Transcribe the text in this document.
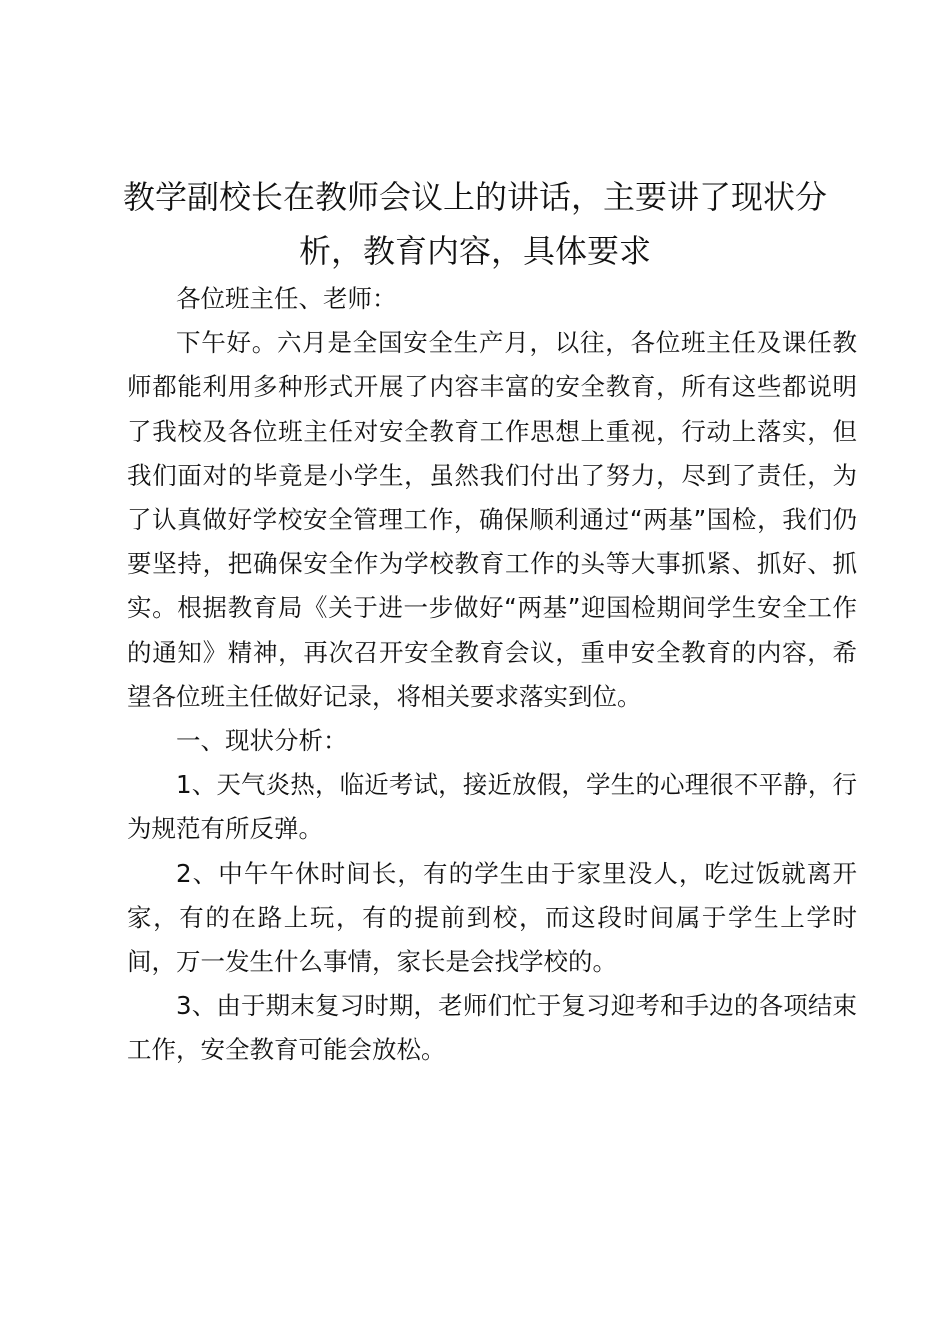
教学副校长在教师会议上的讲话，主要讲了现状分析，教育内容，具体要求

各位班主任、老师：

下午好。六月是全国安全生产月，以往，各位班主任及课任教师都能利用多种形式开展了内容丰富的安全教育，所有这些都说明了我校及各位班主任对安全教育工作思想上重视，行动上落实，但我们面对的毕竟是小学生，虽然我们付出了努力，尽到了责任，为了认真做好学校安全管理工作，确保顺利通过“两基”国检，我们仍要坚持，把确保安全作为学校教育工作的头等大事抓紧、抓好、抓实。根据教育局《关于进一步做好“两基”迎国检期间学生安全工作的通知》精神，再次召开安全教育会议，重申安全教育的内容，希望各位班主任做好记录，将相关要求落实到位。

一、现状分析：

1、天气炎热，临近考试，接近放假，学生的心理很不平静，行为规范有所反弹。

2、中午午休时间长，有的学生由于家里没人，吃过饭就离开家，有的在路上玩，有的提前到校，而这段时间属于学生上学时间，万一发生什么事情，家长是会找学校的。

3、由于期末复习时期，老师们忙于复习迎考和手边的各项结束工作，安全教育可能会放松。
